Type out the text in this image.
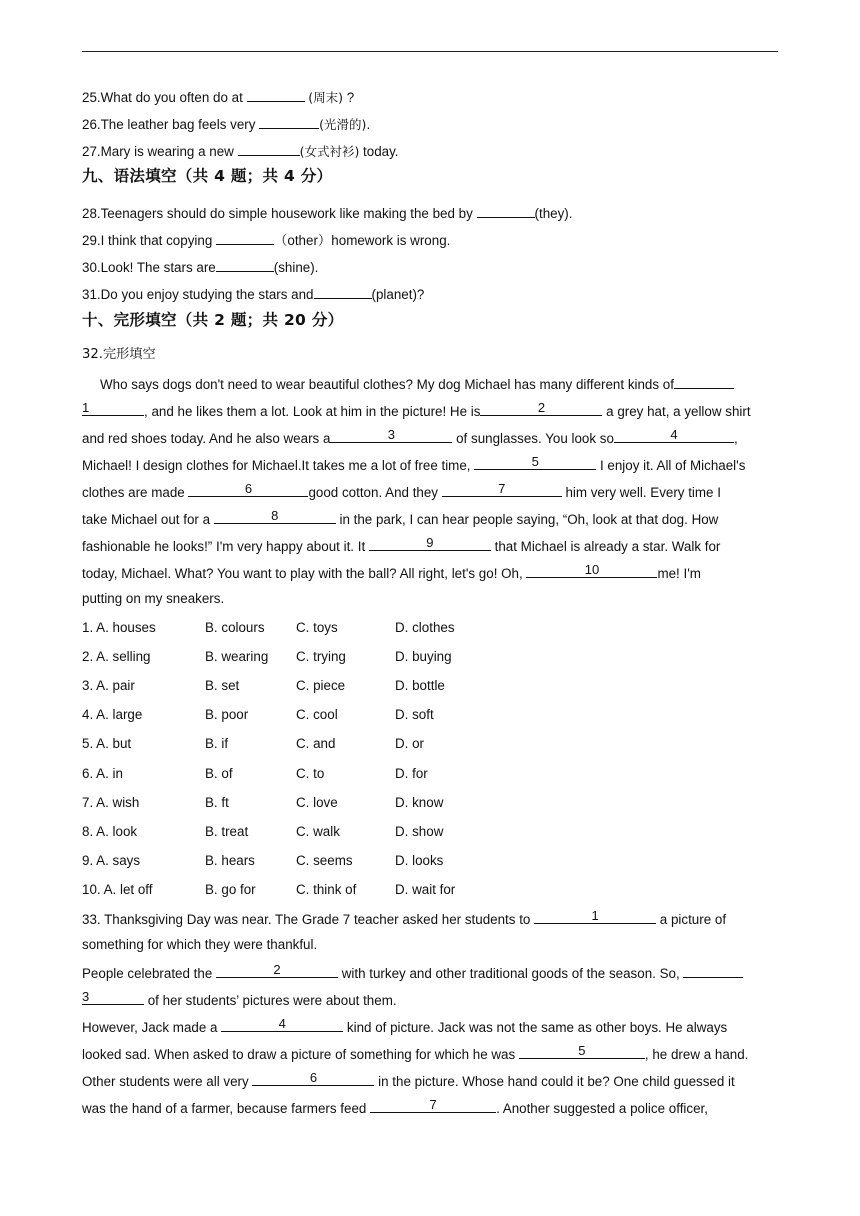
25.What do you often do at	(周末) ?
26.The leather bag feels very	(光滑的).
27.Mary is wearing a new	(女式衬衫) today.
九、语法填空（共 4 题；共 4 分）
28.Teenagers should do simple housework like making the bed by	(they).
29.I think that copying	（other）homework is wrong.
30.Look! The stars are	(shine).
31.Do you enjoy studying the stars and	(planet)?
十、完形填空（共 2 题；共 20 分）
32.完形填空
Who says dogs don't need to wear beautiful clothes? My dog Michael has many different kinds of
1	, and he likes them a lot. Look at him in the picture! He is	2	a grey hat, a yellow shirt
and red shoes today. And he also wears a	3	of sunglasses. You look so	4	,
Michael! I design clothes for Michael.It takes me a lot of free time,	5	I enjoy it. All of Michael's
clothes are made	6	good cotton. And they	7	him very well. Every time I
take Michael out for a	8	in the park, I can hear people saying, “Oh, look at that dog. How
fashionable he looks!” I'm very happy about it. It	9	that Michael is already a star. Walk for
today, Michael. What? You want to play with the ball? All right, let's go! Oh,	10	me! I'm
putting on my sneakers.
1. A. houses	B. colours C. toys	D. clothes
2. A. selling	B. wearing C. trying	D. buying
3. A. pair	B. set	C. piece	D. bottle
4. A. large	B. poor	C. cool	D. soft
5. A. but	B. if	C. and	D. or
6. A. in	B. of	C. to	D. for
7. A. wish	B. ft	C. love	D. know
8. A. look	B. treat	C. walk	D. show
9. A. says	B. hears	C. seems	D. looks
10. A. let off	B. go for	C. think of	D. wait for
33. Thanksgiving Day was near. The Grade 7 teacher asked her students to	1	a picture of
something for which they were thankful.
People celebrated the	2	with turkey and other traditional goods of the season. So,
3	of her students’ pictures were about them.
However, Jack made a	4	kind of picture. Jack was not the same as other boys. He always
looked sad. When asked to draw a picture of something for which he was	5	, he drew a hand.
Other students were all very	6	in the picture. Whose hand could it be? One child guessed it
was the hand of a farmer, because farmers feed	7	. Another suggested a police officer,
